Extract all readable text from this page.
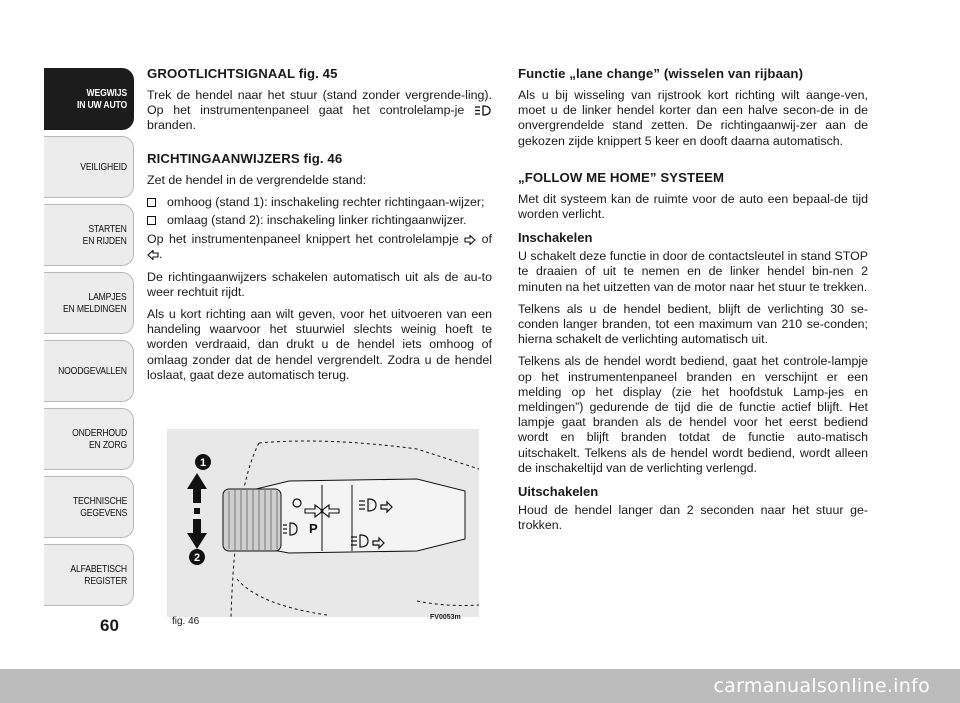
WEGWIJS
IN UW AUTO
VEILIGHEID
STARTEN
EN RIJDEN
LAMPJES
EN MELDINGEN
NOODGEVALLEN
ONDERHOUD
EN ZORG
TECHNISCHE
GEGEVENS
ALFABETISCH
REGISTER
60
GROOTLICHTSIGNAAL fig. 45

Trek de hendel naar het stuur (stand zonder vergrende-ling). Op het instrumentenpaneel gaat het controlelamp-je  branden.

RICHTINGAANWIJZERS fig. 46

Zet de hendel in de vergrendelde stand:

omhoog (stand 1): inschakeling rechter richtingaan-wijzer;
omlaag (stand 2): inschakeling linker richtingaanwijzer.

Op het instrumentenpaneel knippert het controlelampje of .

De richtingaanwijzers schakelen automatisch uit als de au-to weer rechtuit rijdt.

Als u kort richting aan wilt geven, voor het uitvoeren van een handeling waarvoor het stuurwiel slechts weinig hoeft te worden verdraaid, dan drukt u de hendel iets omhoog of omlaag zonder dat de hendel vergrendelt. Zodra u de hendel loslaat, gaat deze automatisch terug.

P
1
2
fig. 46	FV0053m
Functie „lane change” (wisselen van rijbaan)

Als u bij wisseling van rijstrook kort richting wilt aange-ven, moet u de linker hendel korter dan een halve secon-de in de onvergrendelde stand zetten. De richtingaanwij-zer aan de gekozen zijde knippert 5 keer en dooft daarna automatisch.

„FOLLOW ME HOME” SYSTEEM

Met dit systeem kan de ruimte voor de auto een bepaal-de tijd worden verlicht.

Inschakelen

U schakelt deze functie in door de contactsleutel in stand STOP te draaien of uit te nemen en de linker hendel bin-nen 2 minuten na het uitzetten van de motor naar het stuur te trekken.

Telkens als u de hendel bedient, blijft de verlichting 30 se-conden langer branden, tot een maximum van 210 se-conden; hierna schakelt de verlichting automatisch uit.

Telkens als de hendel wordt bediend, gaat het controle-lampje op het instrumentenpaneel branden en verschijnt er een melding op het display (zie het hoofdstuk Lamp-jes en meldingen”) gedurende de tijd die de functie actief blijft. Het lampje gaat branden als de hendel voor het eerst bediend wordt en blijft branden totdat de functie auto-matisch uitschakelt. Telkens als de hendel wordt bediend, wordt alleen de inschakeltijd van de verlichting verlengd.

Uitschakelen

Houd de hendel langer dan 2 seconden naar het stuur ge-trokken.

carmanualsonline.info
